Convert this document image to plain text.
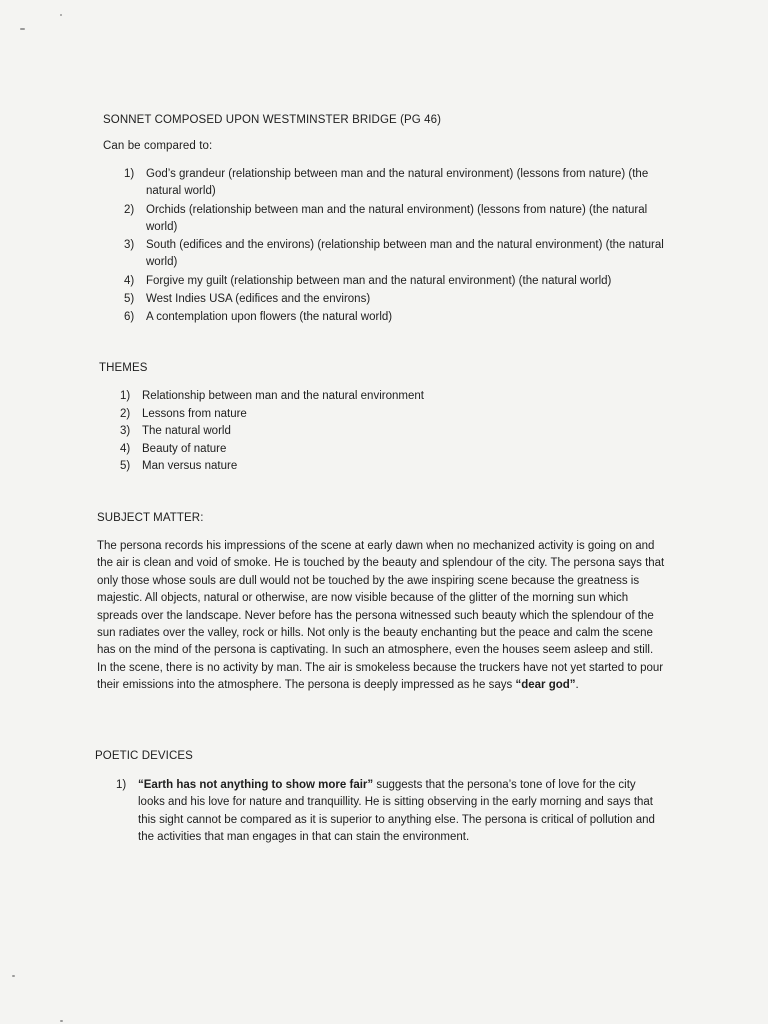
SONNET COMPOSED UPON WESTMINSTER BRIDGE (PG 46)
Can be compared to:
1)	God’s grandeur (relationship between man and the natural environment) (lessons from nature) (the natural world)
2)	Orchids (relationship between man and the natural environment) (lessons from nature) (the natural world)
3)	South (edifices and the environs) (relationship between man and the natural environment) (the natural world)
4)	Forgive my guilt (relationship between man and the natural environment) (the natural world)
5)	West Indies USA (edifices and the environs)
6)	A contemplation upon flowers (the natural world)
THEMES
1)	Relationship between man and the natural environment
2)	Lessons from nature
3)	The natural world
4)	Beauty of nature
5)	Man versus nature
SUBJECT MATTER:
The persona records his impressions of the scene at early dawn when no mechanized activity is going on and the air is clean and void of smoke. He is touched by the beauty and splendour of the city. The persona says that only those whose souls are dull would not be touched by the awe inspiring scene because the greatness is majestic. All objects, natural or otherwise, are now visible because of the glitter of the morning sun which spreads over the landscape. Never before has the persona witnessed such beauty which the splendour of the sun radiates over the valley, rock or hills. Not only is the beauty enchanting but the peace and calm the scene has on the mind of the persona is captivating. In such an atmosphere, even the houses seem asleep and still. In the scene, there is no activity by man. The air is smokeless because the truckers have not yet started to pour their emissions into the atmosphere. The persona is deeply impressed as he says “dear god”.
POETIC DEVICES
1)	“Earth has not anything to show more fair” suggests that the persona’s tone of love for the city looks and his love for nature and tranquillity. He is sitting observing in the early morning and says that this sight cannot be compared as it is superior to anything else. The persona is critical of pollution and the activities that man engages in that can stain the environment.
